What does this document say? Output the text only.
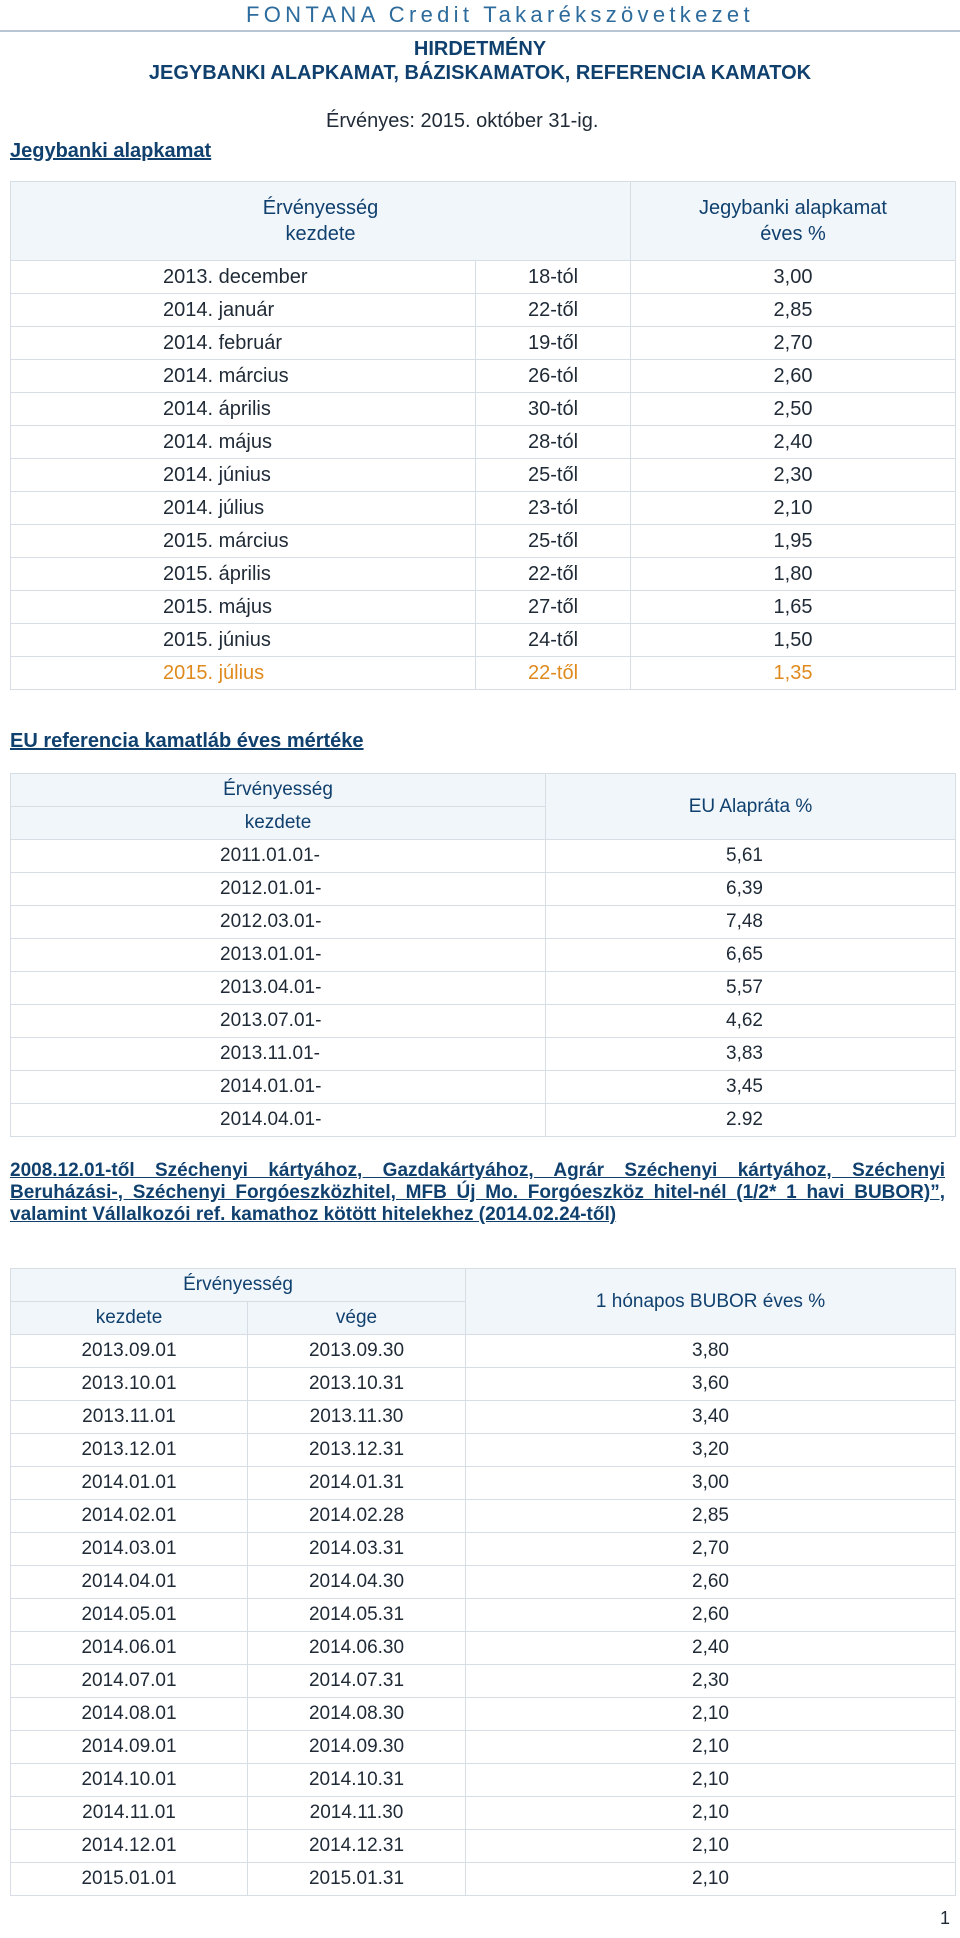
FONTANA Credit Takarékszövetkezet
HIRDETMÉNY
JEGYBANKI ALAPKAMAT, BÁZISKAMATOK, REFERENCIA KAMATOK
Jegybanki alapkamat
Érvényes: 2015. október 31-ig.
Érvényesség
kezdete		Jegybanki alapkamat
éves %
2013. december	18-tól	3,00
2014. január	22-től	2,85
2014. február	19-től	2,70
2014. március	26-tól	2,60
2014. április	30-tól	2,50
2014. május	28-tól	2,40
2014. június	25-től	2,30
2014. július	23-tól	2,10
2015. március	25-től	1,95
2015. április	22-től	1,80
2015. május	27-től	1,65
2015. június	24-től	1,50
2015. július	22-től	1,35
EU referencia kamatláb éves mértéke
Érvényesség	EU Alapráta %
kezdete	
2011.01.01-	5,61
2012.01.01-	6,39
2012.03.01-	7,48
2013.01.01-	6,65
2013.04.01-	5,57
2013.07.01-	4,62
2013.11.01-	3,83
2014.01.01-	3,45
2014.04.01-	2.92
2008.12.01-től Széchenyi kártyához, Gazdakártyához, Agrár Széchenyi kártyához, Széchenyi Beruházási-, Széchenyi Forgóeszközhitel, MFB Új Mo. Forgóeszköz hitel-nél (1/2* 1 havi BUBOR)”, valamint Vállalkozói ref. kamathoz kötött hitelekhez (2014.02.24-től)
Érvényesség		1 hónapos BUBOR éves %
kezdete	vége	
2013.09.01	2013.09.30	3,80
2013.10.01	2013.10.31	3,60
2013.11.01	2013.11.30	3,40
2013.12.01	2013.12.31	3,20
2014.01.01	2014.01.31	3,00
2014.02.01	2014.02.28	2,85
2014.03.01	2014.03.31	2,70
2014.04.01	2014.04.30	2,60
2014.05.01	2014.05.31	2,60
2014.06.01	2014.06.30	2,40
2014.07.01	2014.07.31	2,30
2014.08.01	2014.08.30	2,10
2014.09.01	2014.09.30	2,10
2014.10.01	2014.10.31	2,10
2014.11.01	2014.11.30	2,10
2014.12.01	2014.12.31	2,10
2015.01.01	2015.01.31	2,10
1
